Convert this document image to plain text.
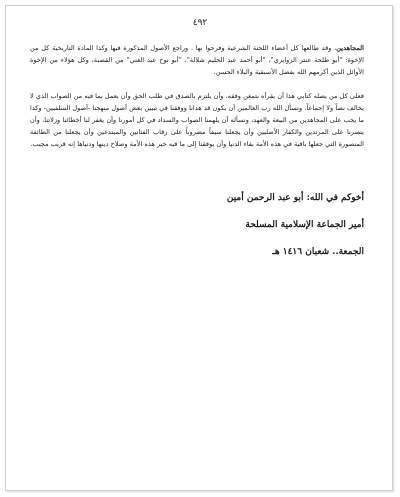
٤٩٢
المجاهدين، وقد طالعها كل أعضاء اللجنة الشرعية وفرحوا بها . وراجع الأصول المذكورة فيها وكذا المادة التاريخية كل من الإخوة: "أبو طلحة عنتر الزوابري"، "أبو أحمد عبد الحليم شلالة"، "أبو نوح عبد الغني" من القصبة، وكل هؤلاء من الإخوة الأوائل الذين أكرمهم الله بفضل الأسبقية والبلاء الحسن.
فعلى كل من يصله كتابي هذا أن يقرأه بتمعن وفقه، وأن يلتزم بالصدق في طلب الحق وأن يعمل بما فيه من الصواب الذي لا يخالف نصاً ولا إجماعاً، ونسأل الله رب العالمين أن يكون قد هدانا ووفقنا في تبيين بعض أصول منهجنا -أصول السلفيين- وكذا ما يجب على المجاهدين من البيعة والعهد، ونسأله أن يلهمنا الصواب والسداد في كل أمورنا وأن يغفر لنا أخطائنا وزلاتنا، وأن ينصرنا على المرتدين والكفار الأصليين وأن يجعلنا سيفاً مضروباً على رقاب الفتانين والمبتدعين وأن يجعلنا من الطائفة المنصورة التي جعلها باقية في هذه الأمة بقاء الدنيا وأن يوفقنا إلى ما فيه خير هذه الأمة وصلاح دينها ودنياها إنه قريب مجيب.
أخوكم في الله: أبو عبد الرحمن أمين
أمير الجماعة الإسلامية المسلحة
الجمعة.. شعبان ١٤١٦ هـ
